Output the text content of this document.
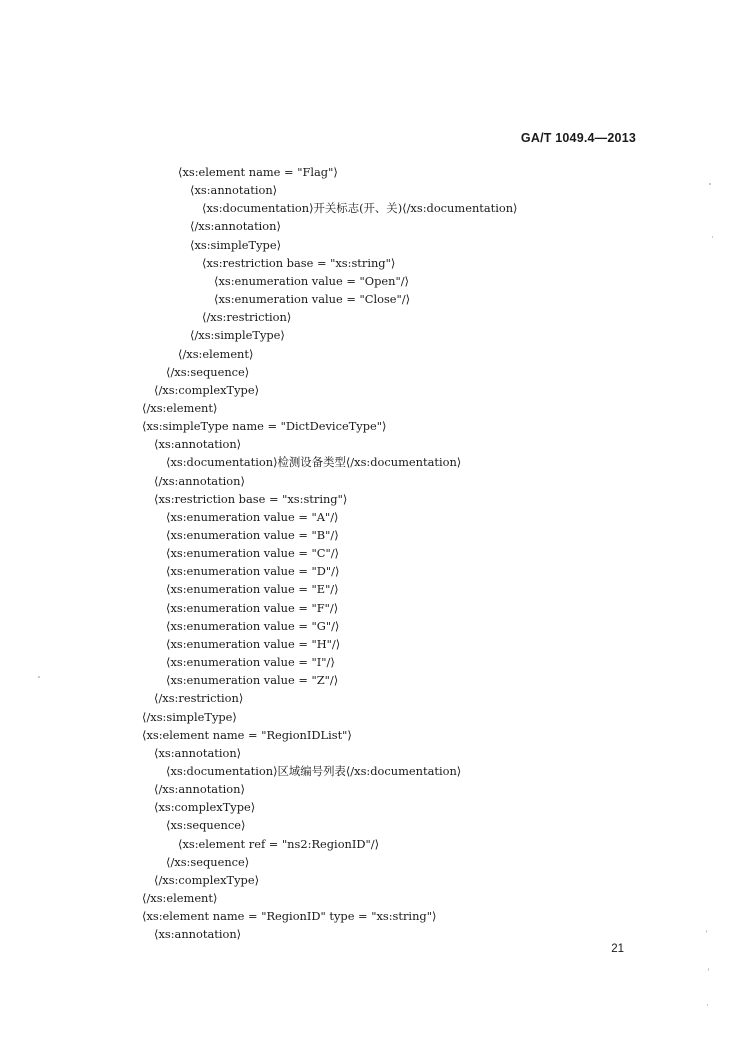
GA/T 1049.4—2013
⟨xs:element name = "Flag"⟩
⟨xs:annotation⟩
⟨xs:documentation⟩开关标志(开、关)⟨/xs:documentation⟩
⟨/xs:annotation⟩
⟨xs:simpleType⟩
⟨xs:restriction base = "xs:string"⟩
⟨xs:enumeration value = "Open"/⟩
⟨xs:enumeration value = "Close"/⟩
⟨/xs:restriction⟩
⟨/xs:simpleType⟩
⟨/xs:element⟩
⟨/xs:sequence⟩
⟨/xs:complexType⟩
⟨/xs:element⟩
⟨xs:simpleType name = "DictDeviceType"⟩
⟨xs:annotation⟩
⟨xs:documentation⟩检测设备类型⟨/xs:documentation⟩
⟨/xs:annotation⟩
⟨xs:restriction base = "xs:string"⟩
⟨xs:enumeration value = "A"/⟩
⟨xs:enumeration value = "B"/⟩
⟨xs:enumeration value = "C"/⟩
⟨xs:enumeration value = "D"/⟩
⟨xs:enumeration value = "E"/⟩
⟨xs:enumeration value = "F"/⟩
⟨xs:enumeration value = "G"/⟩
⟨xs:enumeration value = "H"/⟩
⟨xs:enumeration value = "I"/⟩
⟨xs:enumeration value = "Z"/⟩
⟨/xs:restriction⟩
⟨/xs:simpleType⟩
⟨xs:element name = "RegionIDList"⟩
⟨xs:annotation⟩
⟨xs:documentation⟩区域编号列表⟨/xs:documentation⟩
⟨/xs:annotation⟩
⟨xs:complexType⟩
⟨xs:sequence⟩
⟨xs:element ref = "ns2:RegionID"/⟩
⟨/xs:sequence⟩
⟨/xs:complexType⟩
⟨/xs:element⟩
⟨xs:element name = "RegionID" type = "xs:string"⟩
⟨xs:annotation⟩
21
